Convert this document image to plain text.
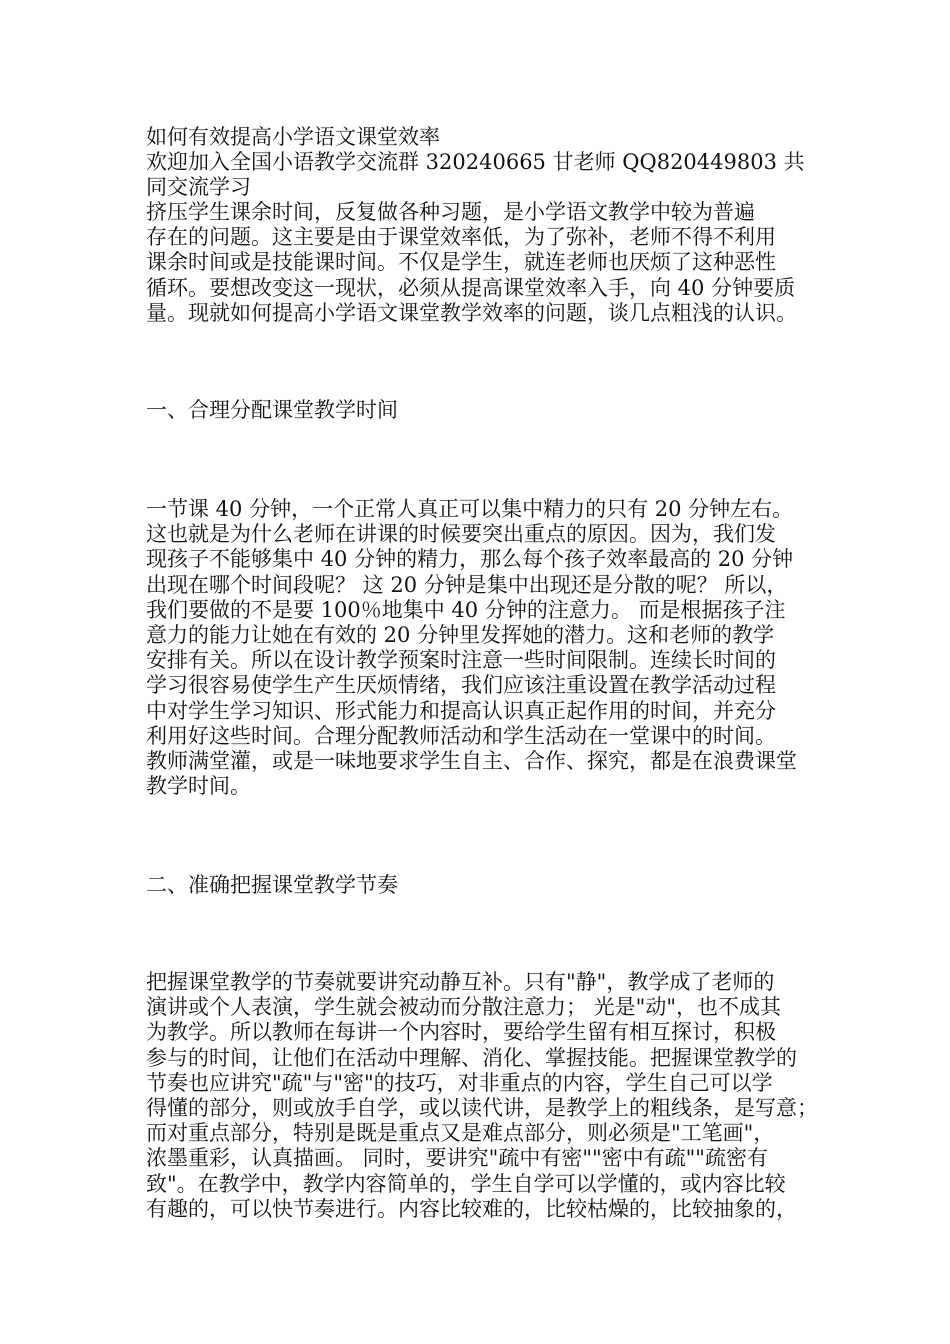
如何有效提高小学语文课堂效率
欢迎加入全国小语教学交流群 320240665 甘老师 QQ820449803 共
同交流学习
挤压学生课余时间，反复做各种习题，是小学语文教学中较为普遍
存在的问题。这主要是由于课堂效率低，为了弥补，老师不得不利用
课余时间或是技能课时间。不仅是学生，就连老师也厌烦了这种恶性
循环。要想改变这一现状，必须从提高课堂效率入手，向 40 分钟要质
量。现就如何提高小学语文课堂教学效率的问题，谈几点粗浅的认识。
一、合理分配课堂教学时间
一节课 40 分钟，一个正常人真正可以集中精力的只有 20 分钟左右。
这也就是为什么老师在讲课的时候要突出重点的原因。因为，我们发
现孩子不能够集中 40 分钟的精力，那么每个孩子效率最高的 20 分钟
出现在哪个时间段呢？ 这 20 分钟是集中出现还是分散的呢？ 所以，
我们要做的不是要 100％地集中 40 分钟的注意力。 而是根据孩子注
意力的能力让她在有效的 20 分钟里发挥她的潜力。这和老师的教学
安排有关。所以在设计教学预案时注意一些时间限制。连续长时间的
学习很容易使学生产生厌烦情绪，我们应该注重设置在教学活动过程
中对学生学习知识、形式能力和提高认识真正起作用的时间，并充分
利用好这些时间。合理分配教师活动和学生活动在一堂课中的时间。
教师满堂灌，或是一味地要求学生自主、合作、探究，都是在浪费课堂
教学时间。
二、准确把握课堂教学节奏
把握课堂教学的节奏就要讲究动静互补。只有"静"，教学成了老师的
演讲或个人表演，学生就会被动而分散注意力； 光是"动"，也不成其
为教学。所以教师在每讲一个内容时，要给学生留有相互探讨，积极
参与的时间，让他们在活动中理解、消化、掌握技能。把握课堂教学的
节奏也应讲究"疏"与"密"的技巧，对非重点的内容，学生自己可以学
得懂的部分，则或放手自学，或以读代讲，是教学上的粗线条，是写意；
而对重点部分，特别是既是重点又是难点部分，则必须是"工笔画"，
浓墨重彩，认真描画。 同时，要讲究"疏中有密""密中有疏""疏密有
致"。在教学中，教学内容简单的，学生自学可以学懂的，或内容比较
有趣的，可以快节奏进行。内容比较难的，比较枯燥的，比较抽象的，
